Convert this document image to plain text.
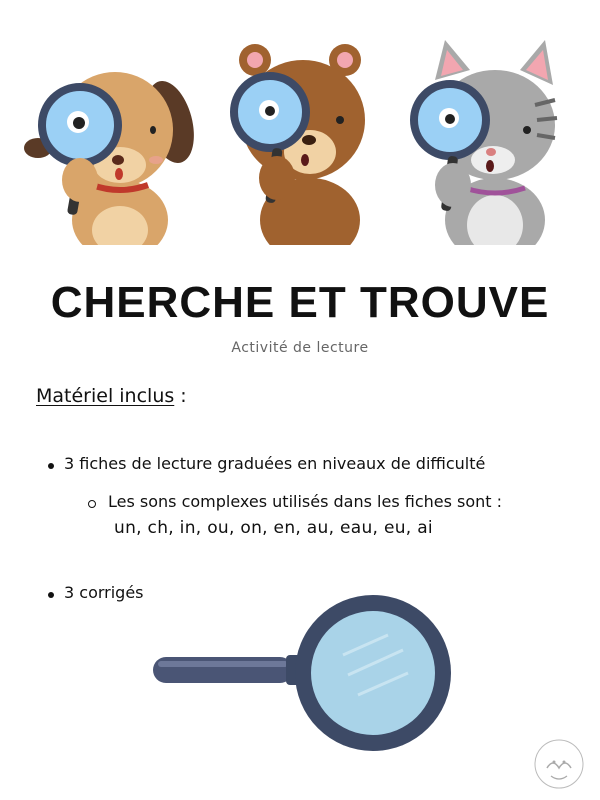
CHERCHE ET TROUVE
Activité de lecture
Matériel inclus :
3 fiches de lecture graduées en niveaux de difficulté
Les sons complexes utilisés dans les fiches sont :
un, ch, in, ou, on, en, au, eau, eu, ai
3 corrigés
